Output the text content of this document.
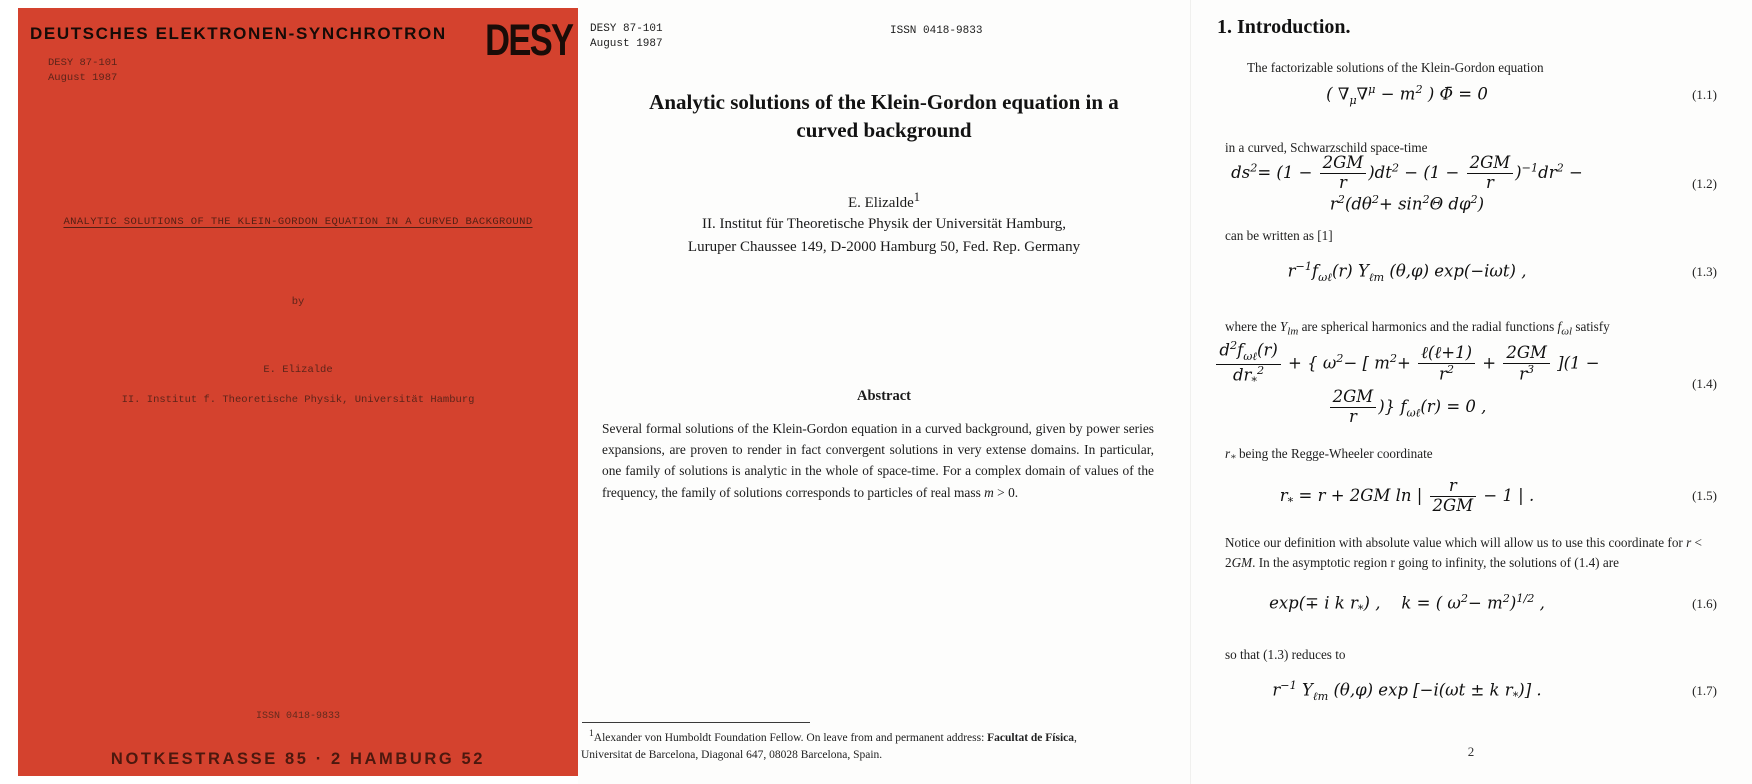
DEUTSCHES ELEKTRONEN-SYNCHROTRON DESY
DESY 87-101
August 1987
ANALYTIC SOLUTIONS OF THE KLEIN-GORDON EQUATION IN A CURVED BACKGROUND
by
E. Elizalde
II. Institut f. Theoretische Physik, Universität Hamburg
ISSN 0418-9833
NOTKESTRASSE 85 · 2 HAMBURG 52
DESY 87-101
August 1987
ISSN 0418-9833
Analytic solutions of the Klein-Gordon equation in a
curved background
E. Elizalde$^1$
II. Institut für Theoretische Physik der Universität Hamburg,
Luruper Chaussee 149, D-2000 Hamburg 50, Fed. Rep. Germany
Abstract
Several formal solutions of the Klein-Gordon equation in a curved background, given by power series expansions, are proven to render in fact convergent solutions in very extense domains. In particular, one family of solutions is analytic in the whole of space-time. For a complex domain of values of the frequency, the family of solutions corresponds to particles of real mass m > 0.
$^1$Alexander von Humboldt Foundation Fellow. On leave from and permanent address: Facultat de Física,
Universitat de Barcelona, Diagonal 647, 08028 Barcelona, Spain.
1. Introduction.
The factorizable solutions of the Klein-Gordon equation
( $\nabla_\mu\nabla^\mu - m^2$ ) Φ̄ = 0	(1.1)
in a curved, Schwarzschild space-time
$ds^2= (1 - \frac{2GM}{r} )dt^2 - (1 - \frac{2GM}{r} )^{-1}dr^2 - r^2(d\theta^2+ \sin^2\Theta$ $d\varphi^2$)
(1.2)
can be written as [1]
$r^{-1}f_{\omega\ell}(r)$ $Y_{\ell m}$ (θ,φ) exp(−iωt) ,	(1.3)
where the $Y_{lm}$ are spherical harmonics and the radial functions $f_{\omega l}$ satisfy
$d^2f_{\omega\ell}(r)$
$dr_*^2$	+ { $\omega^2-$ [ $m^2+$
ℓ(ℓ+1)
$r^2$	+ $\frac{2GM}{r^3} ](1$ −
$\frac{2GM}{r}$ )} $f_{\omega\ell}(r) = 0$ ,
(1.4)
$r_*$ being the Regge-Wheeler coordinate
$r_* = r + 2GM$ ln | $\frac{r}{2GM} - 1$ | .	(1.5)
Notice our definition with absolute value which will allow us to use this coordinate for r < 2GM. In the asymptotic region r going to infinity, the solutions of (1.4) are
exp(∓ i k $r_*$) ,    k = ( $\omega^2- m^2)^{1/2}$ ,	(1.6)
so that (1.3) reduces to
$r^{-1}$ $Y_{\ell m}$ (θ,φ) exp [−i(ωt ± k $r_*$)] .	(1.7)
2
